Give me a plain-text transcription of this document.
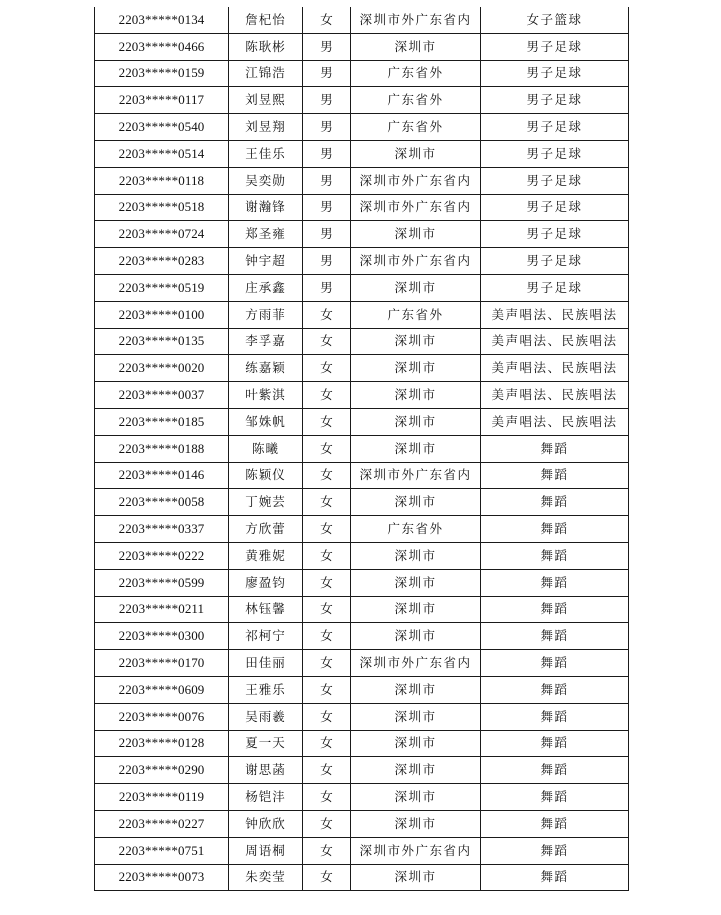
2203*****0134	詹杞怡	女	深圳市外广东省内	女子篮球
2203*****0466	陈耿彬	男	深圳市	男子足球
2203*****0159	江锦浩	男	广东省外	男子足球
2203*****0117	刘昱熙	男	广东省外	男子足球
2203*****0540	刘昱翔	男	广东省外	男子足球
2203*****0514	王佳乐	男	深圳市	男子足球
2203*****0118	吴奕勋	男	深圳市外广东省内	男子足球
2203*****0518	谢瀚锋	男	深圳市外广东省内	男子足球
2203*****0724	郑圣雍	男	深圳市	男子足球
2203*****0283	钟宇超	男	深圳市外广东省内	男子足球
2203*****0519	庄承鑫	男	深圳市	男子足球
2203*****0100	方雨菲	女	广东省外	美声唱法、民族唱法
2203*****0135	李孚嘉	女	深圳市	美声唱法、民族唱法
2203*****0020	练嘉颖	女	深圳市	美声唱法、民族唱法
2203*****0037	叶紫淇	女	深圳市	美声唱法、民族唱法
2203*****0185	邹姝帆	女	深圳市	美声唱法、民族唱法
2203*****0188	陈曦	女	深圳市	舞蹈
2203*****0146	陈颖仪	女	深圳市外广东省内	舞蹈
2203*****0058	丁婉芸	女	深圳市	舞蹈
2203*****0337	方欣蕾	女	广东省外	舞蹈
2203*****0222	黄雅妮	女	深圳市	舞蹈
2203*****0599	廖盈钧	女	深圳市	舞蹈
2203*****0211	林钰馨	女	深圳市	舞蹈
2203*****0300	祁柯宁	女	深圳市	舞蹈
2203*****0170	田佳丽	女	深圳市外广东省内	舞蹈
2203*****0609	王雅乐	女	深圳市	舞蹈
2203*****0076	吴雨羲	女	深圳市	舞蹈
2203*****0128	夏一天	女	深圳市	舞蹈
2203*****0290	谢思菡	女	深圳市	舞蹈
2203*****0119	杨铠沣	女	深圳市	舞蹈
2203*****0227	钟欣欣	女	深圳市	舞蹈
2203*****0751	周语桐	女	深圳市外广东省内	舞蹈
2203*****0073	朱奕莹	女	深圳市	舞蹈
